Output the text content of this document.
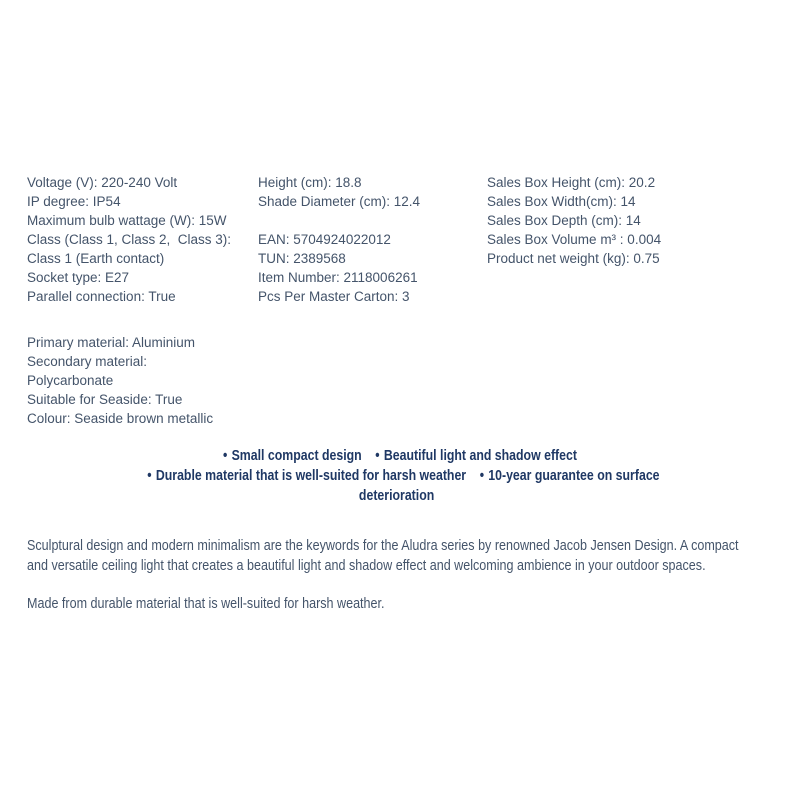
Voltage (V): 220-240 Volt
IP degree: IP54
Maximum bulb wattage (W): 15W
Class (Class 1, Class 2,  Class 3):
Class 1 (Earth contact)
Socket type: E27
Parallel connection: True
Primary material: Aluminium
Secondary material:
Polycarbonate
Suitable for Seaside: True
Colour: Seaside brown metallic
Height (cm): 18.8
Shade Diameter (cm): 12.4
EAN: 5704924022012
TUN: 2389568
Item Number: 2118006261
Pcs Per Master Carton: 3
Sales Box Height (cm): 20.2
Sales Box Width(cm): 14
Sales Box Depth (cm): 14
Sales Box Volume m³ : 0.004
Product net weight (kg): 0.75
• Small compact design • Beautiful light and shadow effect
• Durable material that is well-suited for harsh weather • 10-year guarantee on surface deterioration

Sculptural design and modern minimalism are the keywords for the Aludra series by renowned Jacob Jensen Design. A compact and versatile ceiling light that creates a beautiful light and shadow effect and welcoming ambience in your outdoor spaces.

Made from durable material that is well-suited for harsh weather.
